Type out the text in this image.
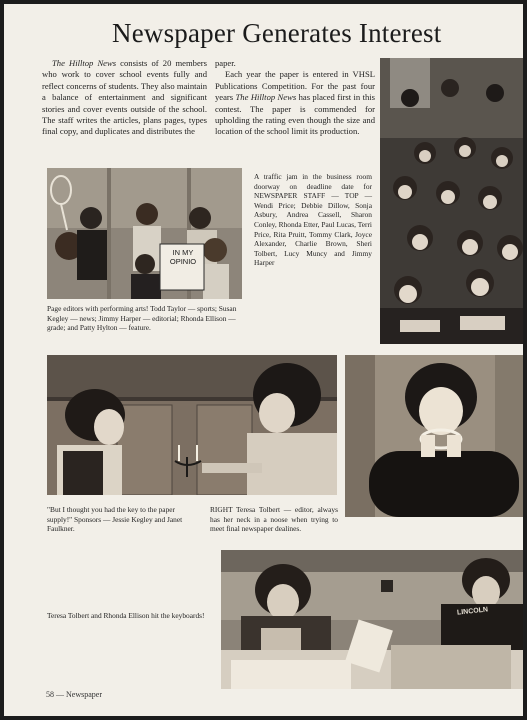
Newspaper Generates Interest

The Hilltop News consists of 20 members who work to cover school events fully and reflect concerns of students. They also maintain a balance of entertainment and significant stories and cover events outside of the school. The staff writes the articles, plans pages, types final copy, and duplicates and distributes the

paper.

Each year the paper is entered in VHSL Publications Competition. For the past four years The Hilltop News has placed first in this contest. The paper is commended for upholding the rating even though the size and location of the school limit its production.

IN MY OPINIO
Page editors with performing arts! Todd Taylor — sports; Susan Kegley — news; Jimmy Harper — editorial; Rhonda Ellison — grade; and Patty Hylton — feature.
A traffic jam in the business room doorway on deadline date for NEWSPAPER STAFF — TOP — Wendi Price; Debbie Dillow, Sonja Asbury, Andrea Cassell, Sharon Conley, Rhonda Etter, Paul Lucas, Terri Price, Rita Pruitt, Tommy Clark, Joyce Alexander, Charlie Brown, Sheri Tolbert, Lucy Muncy and Jimmy Harper
"But I thought you had the key to the paper supply!" Sponsors — Jessie Kegley and Janet Faulkner.
RIGHT Teresa Tolbert — editor, always has her neck in a noose when trying to meet final newspaper dealines.
LINCOLN
Teresa Tolbert and Rhonda Ellison hit the keyboards!
58 — Newspaper
